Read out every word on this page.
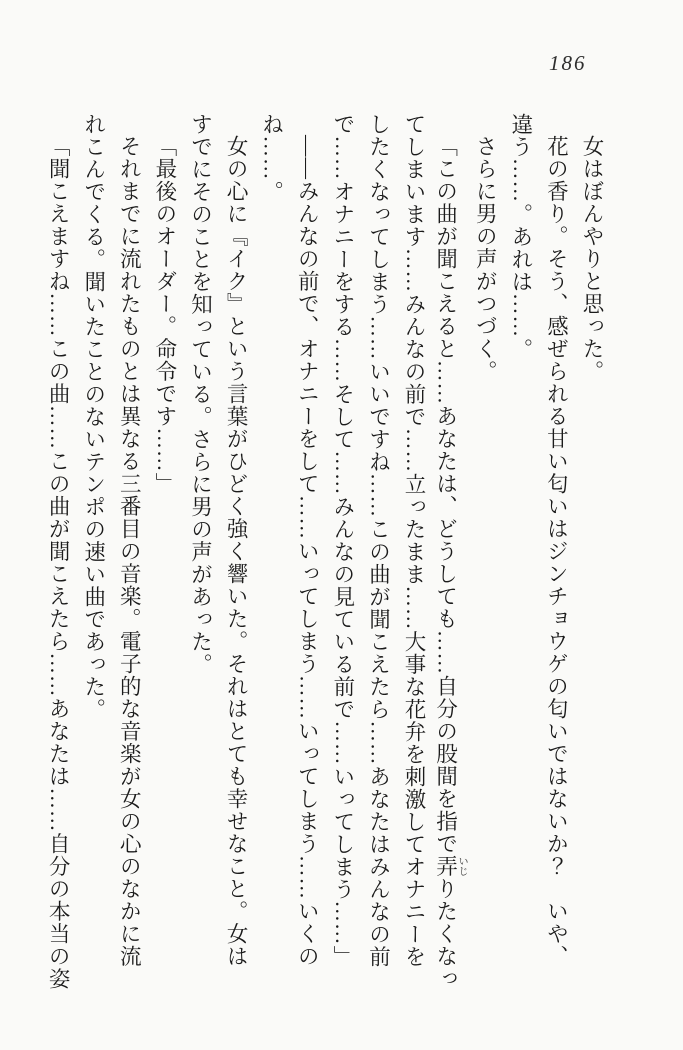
186
女はぼんやりと思った。
花の香り。そう、感ぜられる甘い匂いはジンチョウゲの匂いではないか？　いや、
違う……。あれは……。
さらに男の声がつづく。
「この曲が聞こえると……あなたは、どうしても……自分の股間を指で弄いじりたくなっ
てしまいます……みんなの前で……立ったまま……大事な花弁を刺激してオナニーを
したくなってしまう……いいですね……この曲が聞こえたら……あなたはみんなの前
で……オナニーをする……そして……みんなの見ている前で……いってしまう……」
――みんなの前で、オナニーをして……いってしまう……いってしまう……いくの
ね……。
女の心に『イク』という言葉がひどく強く響いた。それはとても幸せなこと。女は
すでにそのことを知っている。さらに男の声があった。
「最後のオーダー。命令です……」
それまでに流れたものとは異なる三番目の音楽。電子的な音楽が女の心のなかに流
れこんでくる。聞いたことのないテンポの速い曲であった。
「聞こえますね……この曲……この曲が聞こえたら……あなたは……自分の本当の姿
